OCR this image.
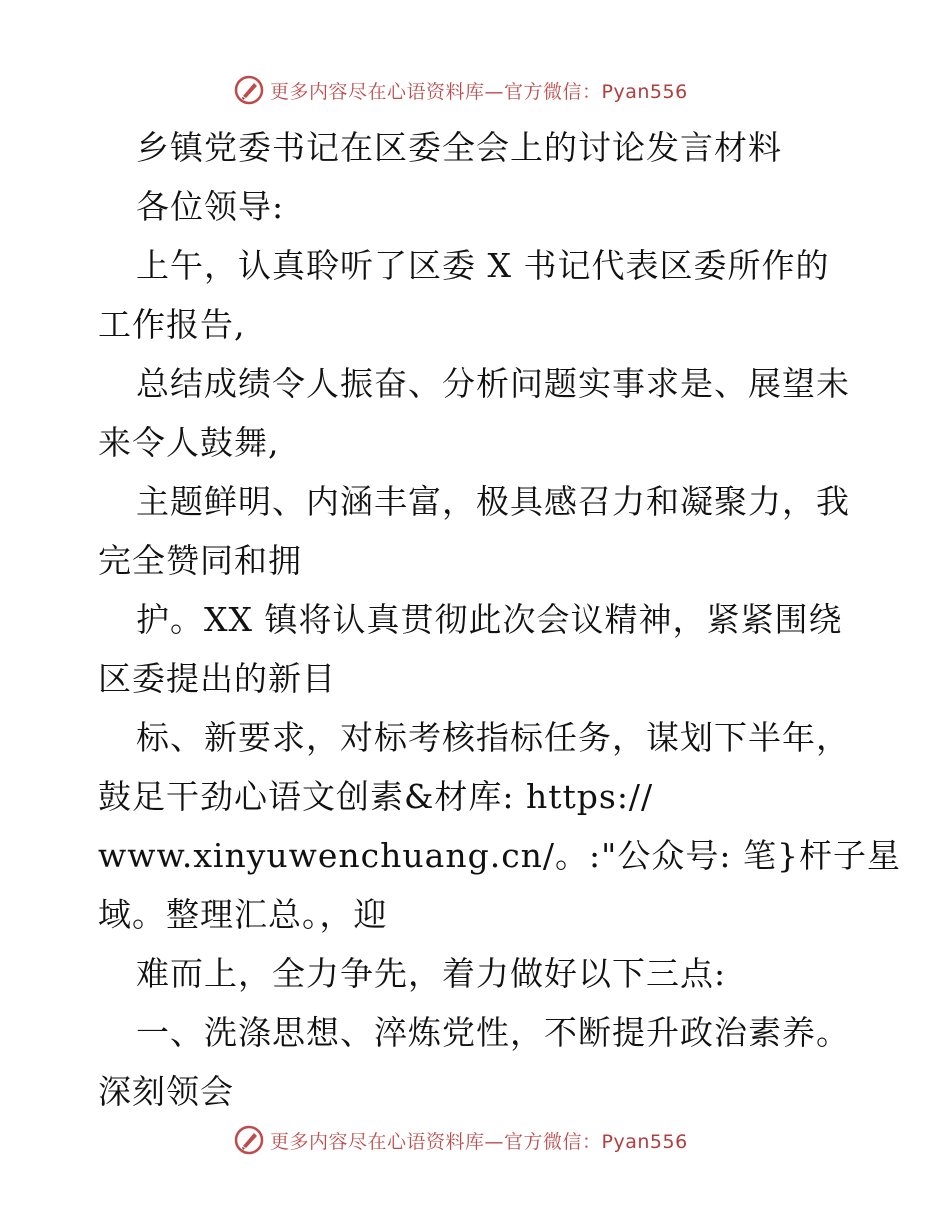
更多内容尽在心语资料库—官方微信：Pyan556
乡镇党委书记在区委全会上的讨论发言材料
各位领导:
上午，认真聆听了区委 X 书记代表区委所作的
工作报告,
总结成绩令人振奋、分析问题实事求是、展望未
来令人鼓舞,
主题鲜明、内涵丰富，极具感召力和凝聚力，我
完全赞同和拥
护。XX 镇将认真贯彻此次会议精神，紧紧围绕
区委提出的新目
标、新要求，对标考核指标任务，谋划下半年，
鼓足干劲心语文创素&材库: https://
www.xinyuwenchuang.cn/。:"公众号: 笔}杆子星
域。整理汇总。，迎
难而上，全力争先，着力做好以下三点:
一、洗涤思想、淬炼党性，不断提升政治素养。
深刻领会
更多内容尽在心语资料库—官方微信：Pyan556
